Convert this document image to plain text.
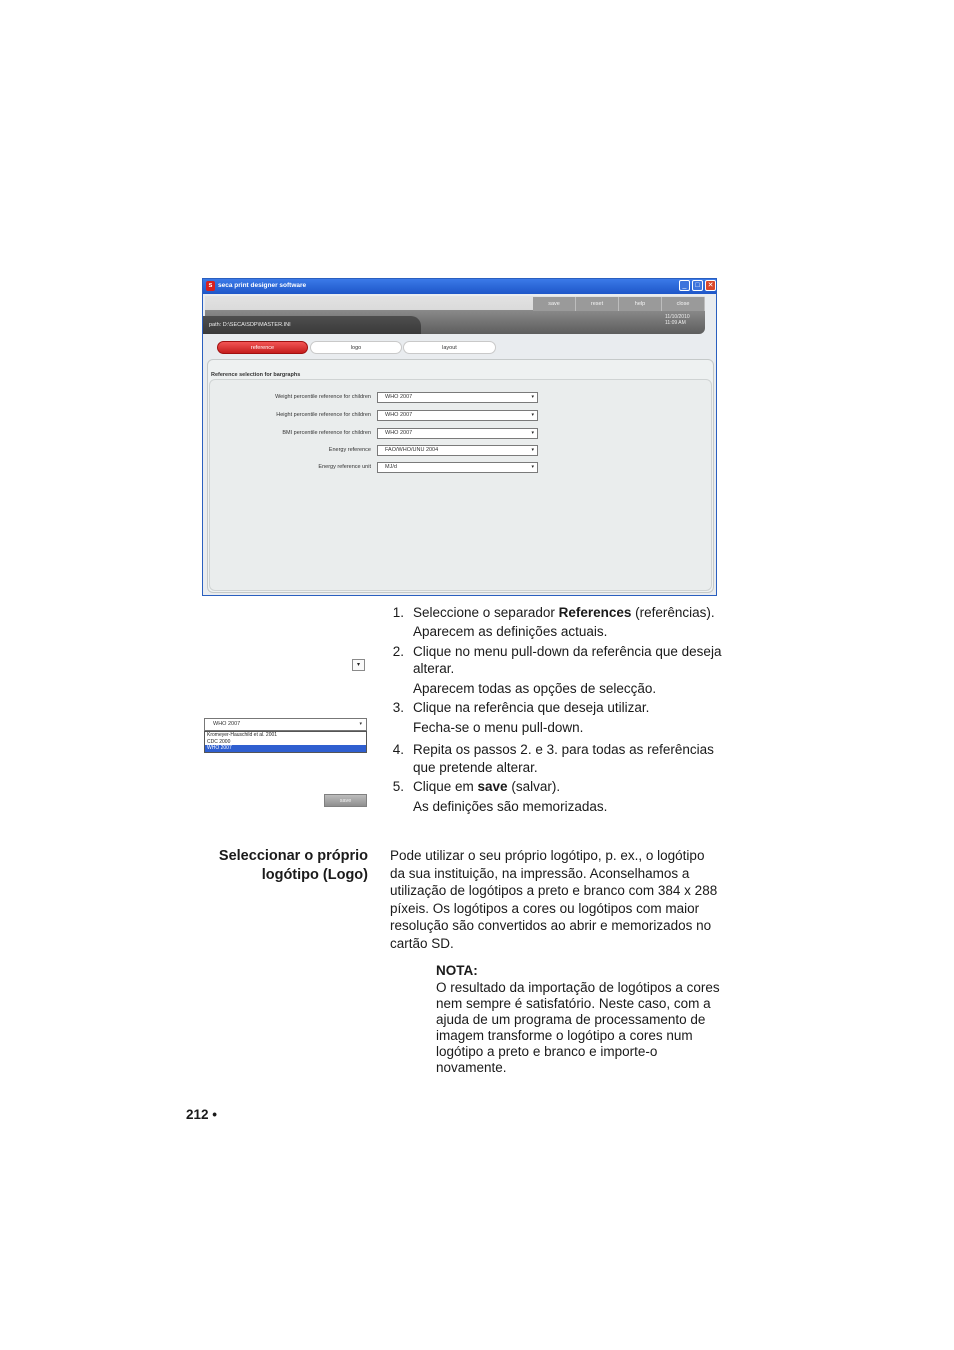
s seca print designer software	_	□	✕
save	reset	help	close
path: D:\SECA\SDP\MASTER.INI
11/10/2010
11:09 AM
reference	logo	layout
Reference selection for bargraphs
Weight percentile reference for children	WHO 2007	▾
Height percentile reference for children	WHO 2007	▾
BMI percentile reference for children	WHO 2007	▾
Energy reference	FAO/WHO/UNU 2004	▾
Energy reference unit	MJ/d	▾
▾
WHO 2007	▾
Kromeyer-Hauschild et al. 2001
CDC 2000
WHO 2007
save
1. Seleccione o separador References (referências).
Aparecem as definições actuais.
2. Clique no menu pull-down da referência que deseja
alterar.
Aparecem todas as opções de selecção.
3. Clique na referência que deseja utilizar.
Fecha-se o menu pull-down.
4. Repita os passos 2. e 3. para todas as referências
que pretende alterar.
5. Clique em save (salvar).
As definições são memorizadas.
Seleccionar o próprio
logótipo (Logo)
Pode utilizar o seu próprio logótipo, p. ex., o logótipo
da sua instituição, na impressão. Aconselhamos a
utilização de logótipos a preto e branco com 384 x 288
píxeis. Os logótipos a cores ou logótipos com maior
resolução são convertidos ao abrir e memorizados no
cartão SD.
NOTA:
O resultado da importação de logótipos a cores
nem sempre é satisfatório. Neste caso, com a
ajuda de um programa de processamento de
imagem transforme o logótipo a cores num
logótipo a preto e branco e importe-o
novamente.
212 •
